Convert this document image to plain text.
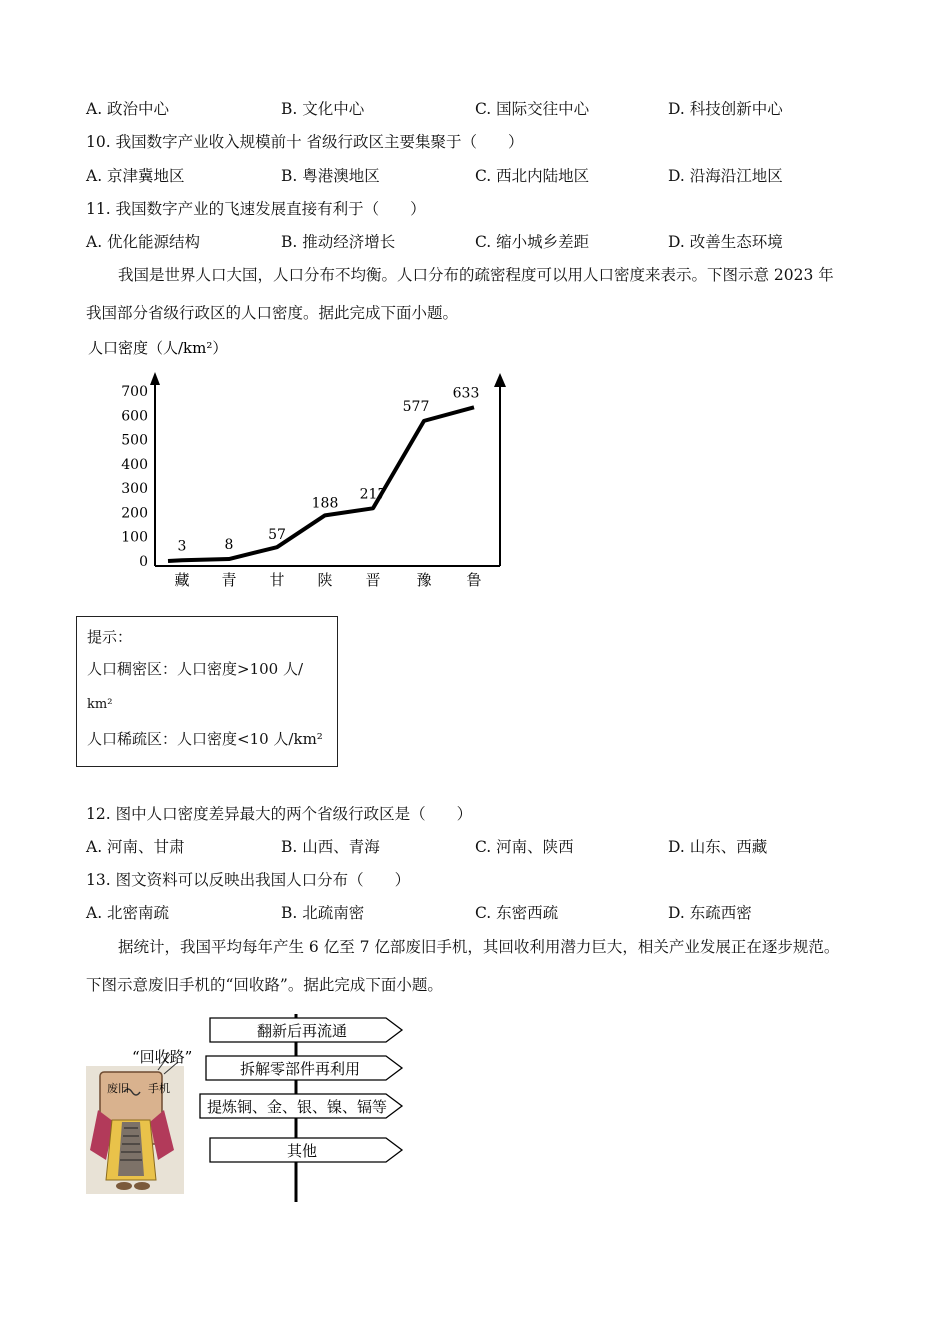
A. 政治中心	B. 文化中心	C. 国际交往中心	D. 科技创新中心
10. 我国数字产业收入规模前十 省级行政区主要集聚于（　　）
A. 京津冀地区	B. 粤港澳地区	C. 西北内陆地区	D. 沿海沿江地区
11. 我国数字产业的飞速发展直接有利于（　　）
A. 优化能源结构	B. 推动经济增长	C. 缩小城乡差距	D. 改善生态环境
我国是世界人口大国，人口分布不均衡。人口分布的疏密程度可以用人口密度来表示。下图示意 2023 年
我国部分省级行政区的人口密度。据此完成下面小题。
人口密度（人/km²）
0
100
200
300
400
500
600
700
藏 青 甘 陕 晋 豫 鲁
3	8
57
188
217
577
633
提示：
人口稠密区：人口密度>100 人/
km²
人口稀疏区：人口密度<10 人/km²
12. 图中人口密度差异最大的两个省级行政区是（　　）
A. 河南、甘肃	B. 山西、青海	C. 河南、陕西	D. 山东、西藏
13. 图文资料可以反映出我国人口分布（　　）
A. 北密南疏	B. 北疏南密	C. 东密西疏	D. 东疏西密
据统计，我国平均每年产生 6 亿至 7 亿部废旧手机，其回收利用潜力巨大，相关产业发展正在逐步规范。
下图示意废旧手机的“回收路”。据此完成下面小题。
“回收路”
废旧 手机
翻新后再流通
拆解零部件再利用
提炼铜、金、银、镍、镉等
其他
